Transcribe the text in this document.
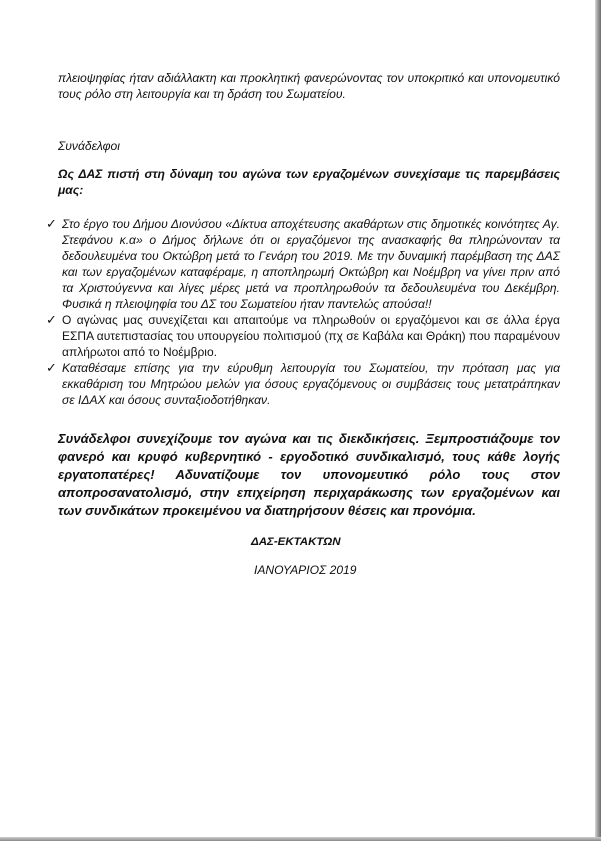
πλειοψηφίας ήταν αδιάλλακτη και προκλητική φανερώνοντας τον υποκριτικό και υπονομευτικό τους ρόλο στη λειτουργία και τη δράση του Σωματείου.

Συνάδελφοι

Ως ΔΑΣ πιστή στη δύναμη του αγώνα των εργαζομένων συνεχίσαμε τις παρεμβάσεις μας:

✓ Στο έργο του Δήμου Διονύσου «Δίκτυα αποχέτευσης ακαθάρτων στις δημοτικές κοινότητες Αγ. Στεφάνου κ.α» ο Δήμος δήλωνε ότι οι εργαζόμενοι της ανασκαφής θα πληρώνονταν τα δεδουλευμένα του Οκτώβρη μετά το Γενάρη του 2019. Με την δυναμική παρέμβαση της ΔΑΣ και των εργαζομένων καταφέραμε, η αποπληρωμή Οκτώβρη και Νοέμβρη να γίνει πριν από τα Χριστούγεννα και λίγες μέρες μετά να προπληρωθούν τα δεδουλευμένα του Δεκέμβρη. Φυσικά η πλειοψηφία του ΔΣ του Σωματείου ήταν παντελώς απούσα!!
✓ Ο αγώνας μας συνεχίζεται και απαιτούμε να πληρωθούν οι εργαζόμενοι και σε άλλα έργα ΕΣΠΑ αυτεπιστασίας του υπουργείου πολιτισμού (πχ σε Καβάλα και Θράκη) που παραμένουν απλήρωτοι από το Νοέμβριο.
✓ Καταθέσαμε επίσης για την εύρυθμη λειτουργία του Σωματείου, την πρόταση μας για εκκαθάριση του Μητρώου μελών για όσους εργαζόμενους οι συμβάσεις τους μετατράπηκαν σε ΙΔΑΧ και όσους συνταξιοδοτήθηκαν.

Συνάδελφοι συνεχίζουμε τον αγώνα και τις διεκδικήσεις. Ξεμπροστιάζουμε τον φανερό και κρυφό κυβερνητικό - εργοδοτικό συνδικαλισμό, τους κάθε λογής εργατοπατέρες! Αδυνατίζουμε τον υπονομευτικό ρόλο τους στον αποπροσανατολισμό, στην επιχείρηση περιχαράκωσης των εργαζομένων και των συνδικάτων προκειμένου να διατηρήσουν θέσεις και προνόμια.

ΔΑΣ-ΕΚΤΑΚΤΩΝ

ΙΑΝΟΥΑΡΙΟΣ 2019
